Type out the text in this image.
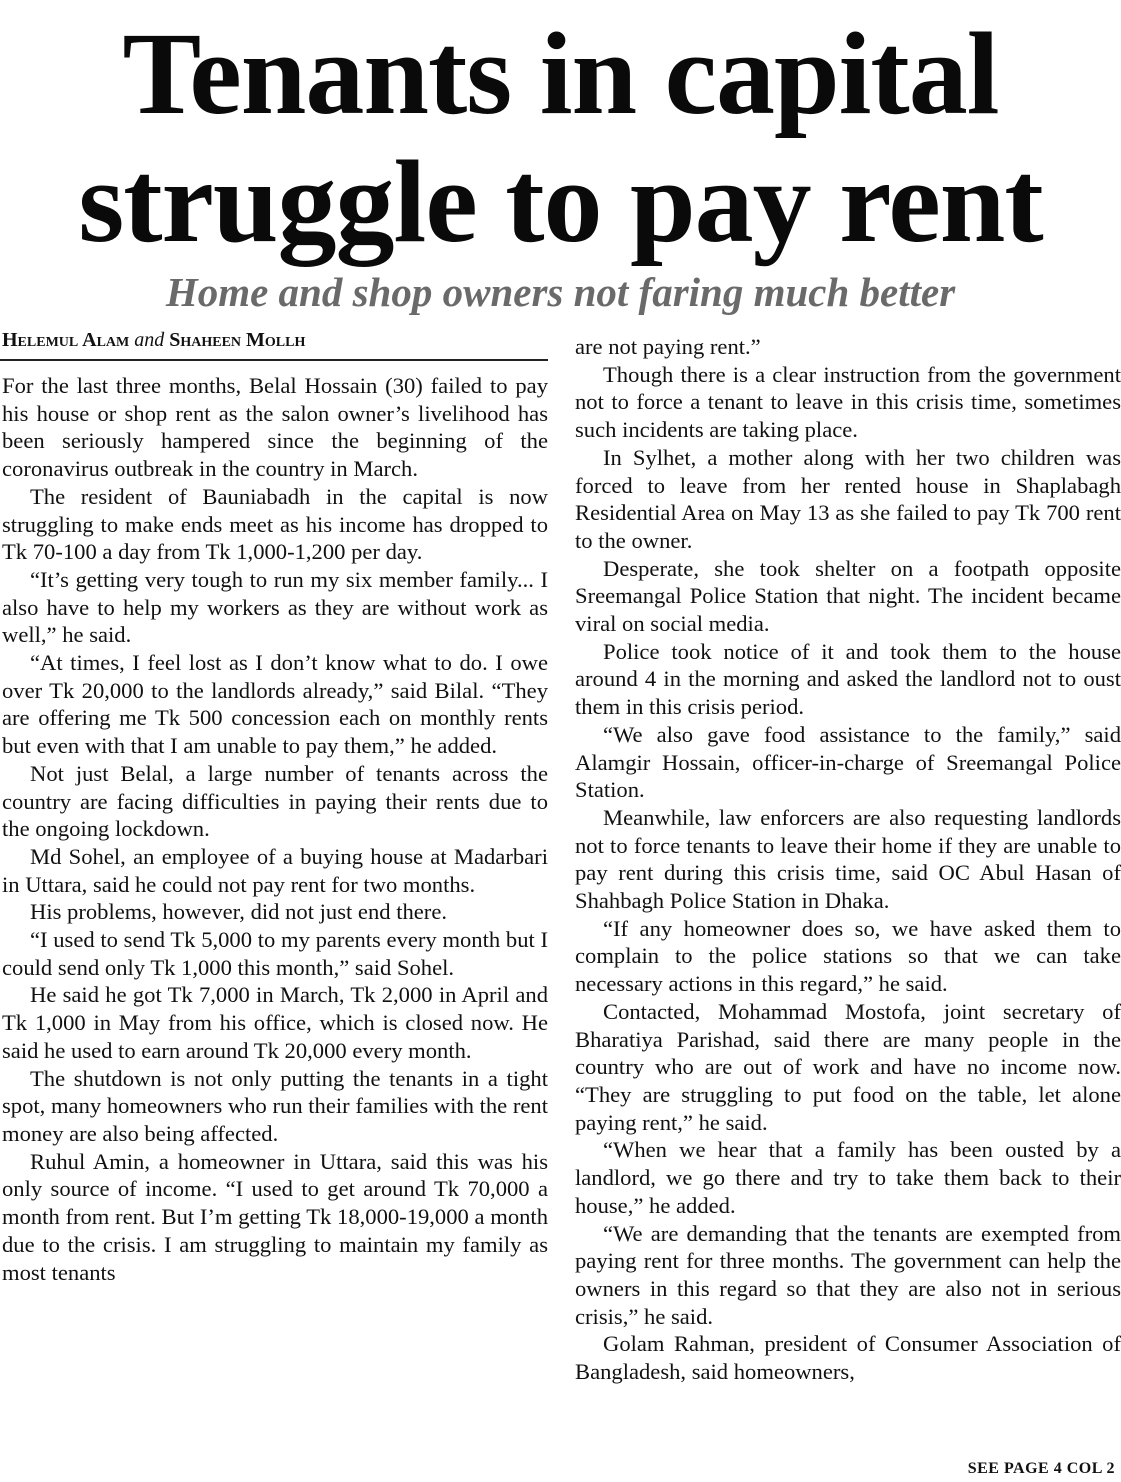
Tenants in capital
struggle to pay rent
Home and shop owners not faring much better
Helemul Alam and Shaheen Mollh

For the last three months, Belal Hossain (30) failed to pay his house or shop rent as the salon owner’s livelihood has been seriously hampered since the beginning of the coronavirus outbreak in the country in March.

The resident of Bauniabadh in the capital is now struggling to make ends meet as his income has dropped to Tk 70-100 a day from Tk 1,000-1,200 per day.

“It’s getting very tough to run my six member family... I also have to help my workers as they are without work as well,” he said.

“At times, I feel lost as I don’t know what to do. I owe over Tk 20,000 to the landlords already,” said Bilal. “They are offering me Tk 500 concession each on monthly rents but even with that I am unable to pay them,” he added.

Not just Belal, a large number of tenants across the country are facing difficulties in paying their rents due to the ongoing lockdown.

Md Sohel, an employee of a buying house at Madarbari in Uttara, said he could not pay rent for two months.

His problems, however, did not just end there.

“I used to send Tk 5,000 to my parents every month but I could send only Tk 1,000 this month,” said Sohel.

He said he got Tk 7,000 in March, Tk 2,000 in April and Tk 1,000 in May from his office, which is closed now. He said he used to earn around Tk 20,000 every month.

The shutdown is not only putting the tenants in a tight spot, many homeowners who run their families with the rent money are also being affected.

Ruhul Amin, a homeowner in Uttara, said this was his only source of income. “I used to get around Tk 70,000 a month from rent. But I’m getting Tk 18,000-19,000 a month due to the crisis. I am struggling to maintain my family as most tenants

are not paying rent.”

Though there is a clear instruction from the government not to force a tenant to leave in this crisis time, sometimes such incidents are taking place.

In Sylhet, a mother along with her two children was forced to leave from her rented house in Shaplabagh Residential Area on May 13 as she failed to pay Tk 700 rent to the owner.

Desperate, she took shelter on a footpath opposite Sreemangal Police Station that night. The incident became viral on social media.

Police took notice of it and took them to the house around 4 in the morning and asked the landlord not to oust them in this crisis period.

“We also gave food assistance to the family,” said Alamgir Hossain, officer-in-charge of Sreemangal Police Station.

Meanwhile, law enforcers are also requesting landlords not to force tenants to leave their home if they are unable to pay rent during this crisis time, said OC Abul Hasan of Shahbagh Police Station in Dhaka.

“If any homeowner does so, we have asked them to complain to the police stations so that we can take necessary actions in this regard,” he said.

Contacted, Mohammad Mostofa, joint secretary of Bharatiya Parishad, said there are many people in the country who are out of work and have no income now. “They are struggling to put food on the table, let alone paying rent,” he said.

“When we hear that a family has been ousted by a landlord, we go there and try to take them back to their house,” he added.

“We are demanding that the tenants are exempted from paying rent for three months. The government can help the owners in this regard so that they are also not in serious crisis,” he said.

Golam Rahman, president of Consumer Association of Bangladesh, said homeowners,

SEE PAGE 4 COL 2
